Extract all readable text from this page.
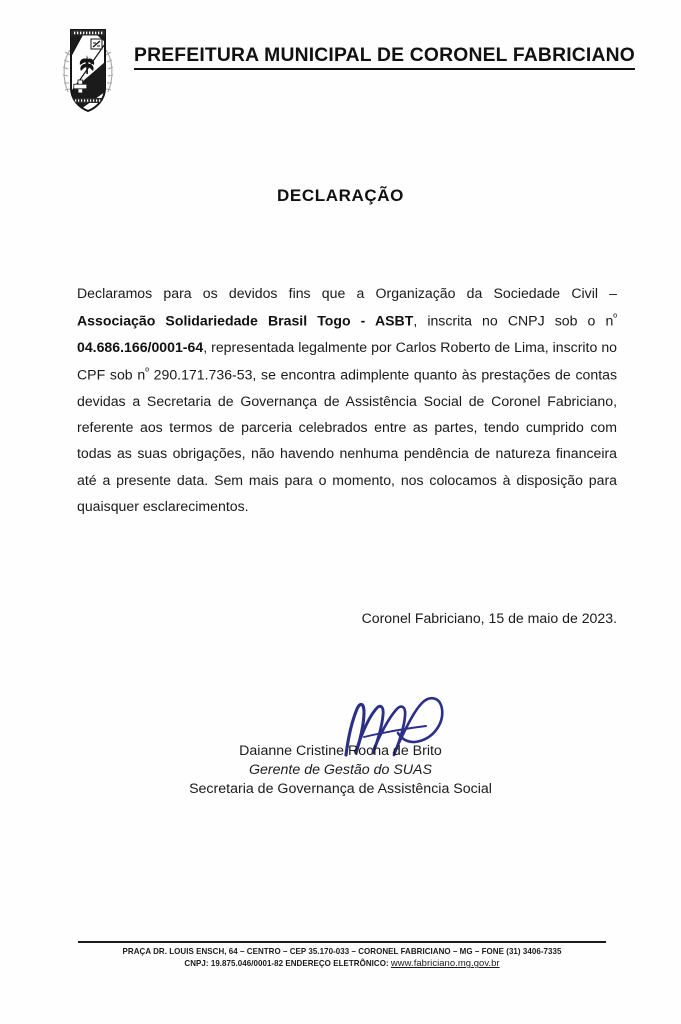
PREFEITURA MUNICIPAL DE CORONEL FABRICIANO
DECLARAÇÃO
Declaramos para os devidos fins que a Organização da Sociedade Civil – Associação Solidariedade Brasil Togo - ASBT, inscrita no CNPJ sob o $n^º$ 04.686.166/0001-64, representada legalmente por Carlos Roberto de Lima, inscrito no CPF sob $n^º$ 290.171.736-53, se encontra adimplente quanto às prestações de contas devidas a Secretaria de Governança de Assistência Social de Coronel Fabriciano, referente aos termos de parceria celebrados entre as partes, tendo cumprido com todas as suas obrigações, não havendo nenhuma pendência de natureza financeira até a presente data. Sem mais para o momento, nos colocamos à disposição para quaisquer esclarecimentos.
Coronel Fabriciano, 15 de maio de 2023.
Daianne Cristine Rocha de Brito
Gerente de Gestão do SUAS
Secretaria de Governança de Assistência Social
PRAÇA DR. LOUIS ENSCH, 64 – CENTRO – CEP 35.170-033 – CORONEL FABRICIANO – MG – FONE (31) 3406-7335
CNPJ: 19.875.046/0001-82 ENDEREÇO ELETRÔNICO: www.fabriciano.mg.gov.br
